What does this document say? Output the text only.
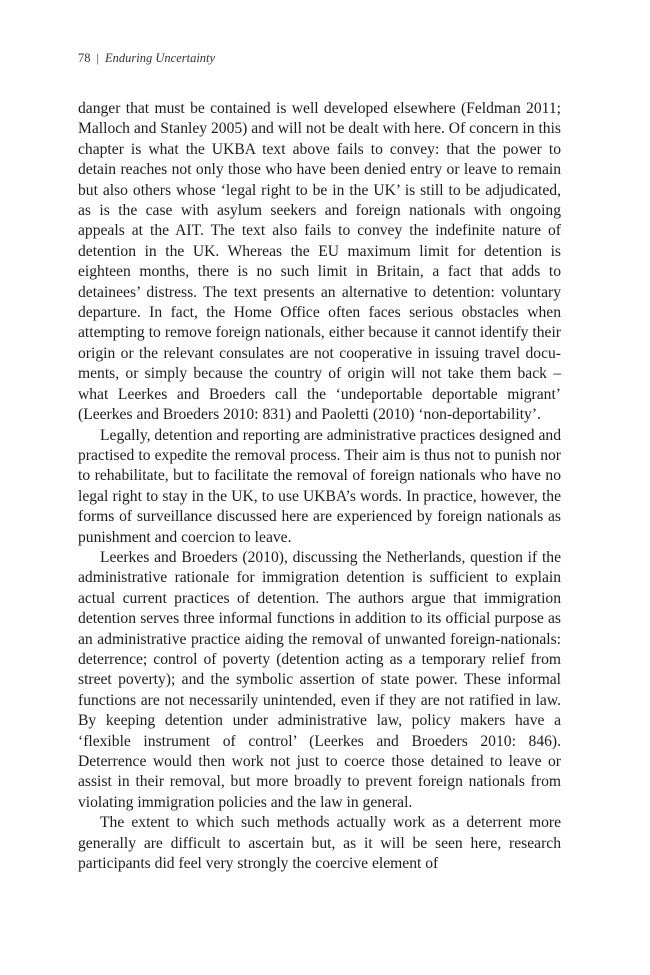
78 | Enduring Uncertainty

danger that must be contained is well developed elsewhere (Feldman 2011; Malloch and Stanley 2005) and will not be dealt with here. Of concern in this chapter is what the UKBA text above fails to convey: that the power to detain reaches not only those who have been denied entry or leave to remain but also others whose ‘legal right to be in the UK’ is still to be adjudicated, as is the case with asylum seekers and foreign nationals with ongoing appeals at the AIT. The text also fails to convey the indefinite nature of detention in the UK. Whereas the EU maximum limit for detention is eighteen months, there is no such limit in Britain, a fact that adds to detainees’ distress. The text presents an alternative to detention: voluntary departure. In fact, the Home Office often faces serious obstacles when attempting to remove foreign nationals, either because it cannot identify their origin or the relevant consulates are not cooperative in issuing travel documents, or simply because the country of origin will not take them back – what Leerkes and Broeders call the ‘undeportable deportable migrant’ (Leerkes and Broeders 2010: 831) and Paoletti (2010) ‘non-deportability’.

Legally, detention and reporting are administrative practices designed and practised to expedite the removal process. Their aim is thus not to punish nor to rehabilitate, but to facilitate the removal of foreign nationals who have no legal right to stay in the UK, to use UKBA’s words. In practice, however, the forms of surveillance discussed here are experienced by foreign nationals as punishment and coercion to leave.

Leerkes and Broeders (2010), discussing the Netherlands, question if the administrative rationale for immigration detention is sufficient to explain actual current practices of detention. The authors argue that immigration detention serves three informal functions in addition to its official purpose as an administrative practice aiding the removal of unwanted foreign-nationals: deterrence; control of poverty (detention acting as a temporary relief from street poverty); and the symbolic assertion of state power. These informal functions are not necessarily unintended, even if they are not ratified in law. By keeping detention under administrative law, policy makers have a ‘flexible instrument of control’ (Leerkes and Broeders 2010: 846). Deterrence would then work not just to coerce those detained to leave or assist in their removal, but more broadly to prevent foreign nationals from violating immigration policies and the law in general.

The extent to which such methods actually work as a deterrent more generally are difficult to ascertain but, as it will be seen here, research participants did feel very strongly the coercive element of
